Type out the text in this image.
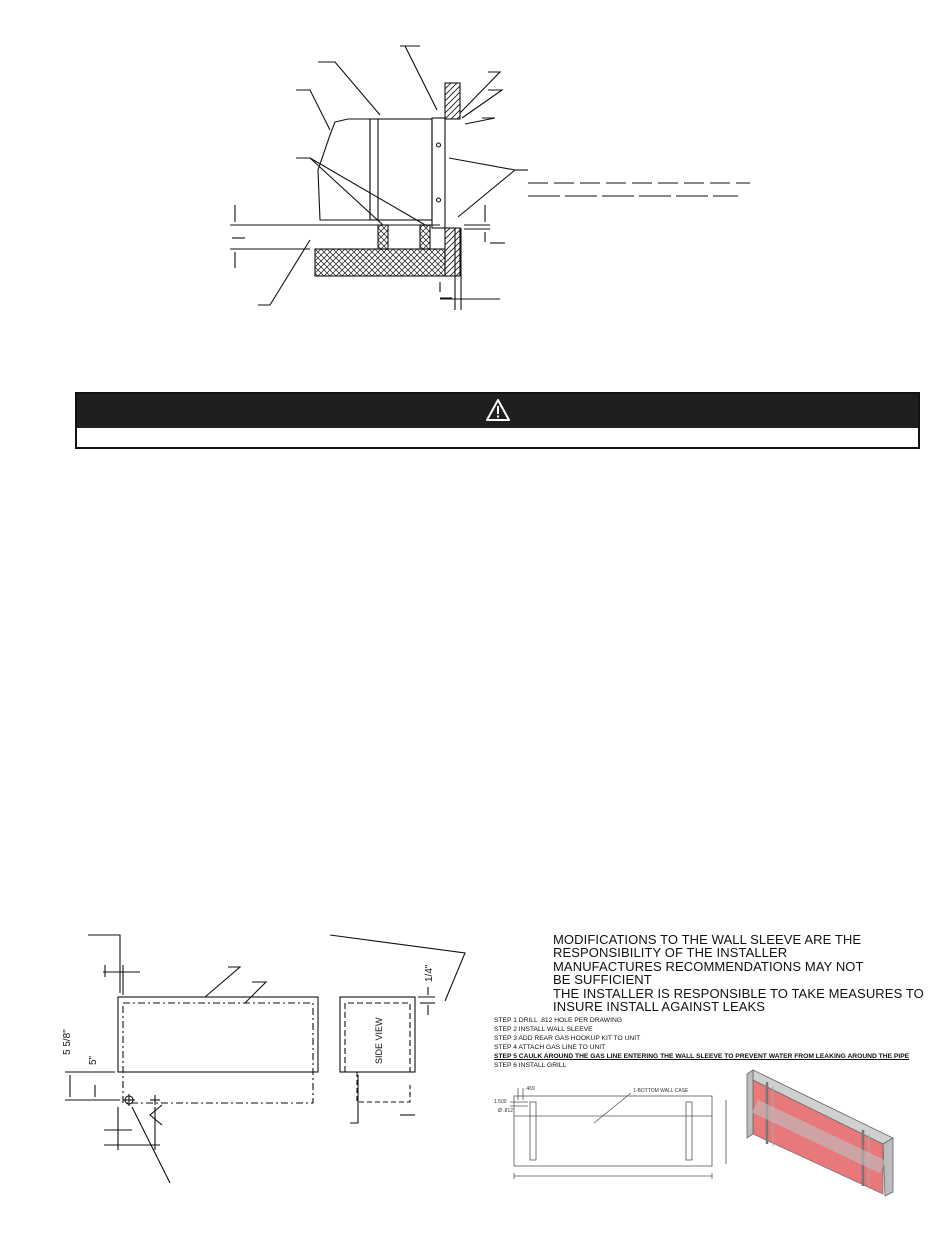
5 5/8"
5"
1/4"
SIDE VIEW
MODIFICATIONS TO THE WALL SLEEVE ARE THE
RESPONSIBILITY OF THE INSTALLER
MANUFACTURES RECOMMENDATIONS MAY NOT
BE SUFFICIENT
THE INSTALLER IS RESPONSIBLE TO TAKE MEASURES TO
INSURE INSTALL AGAINST LEAKS
STEP 1 DRILL .812 HOLE PER DRAWING
STEP 2 INSTALL WALL SLEEVE
STEP 3 ADD REAR GAS HOOKUP KIT TO UNIT
STEP 4 ATTACH GAS LINE TO UNIT
STEP 5 CAULK AROUND THE GAS LINE ENTERING THE WALL SLEEVE TO PREVENT WATER FROM LEAKING AROUND THE PIPE
STEP 6 INSTALL GRILL
1.500
.469
Ø .812
1-BOTTOM WALL CASE
